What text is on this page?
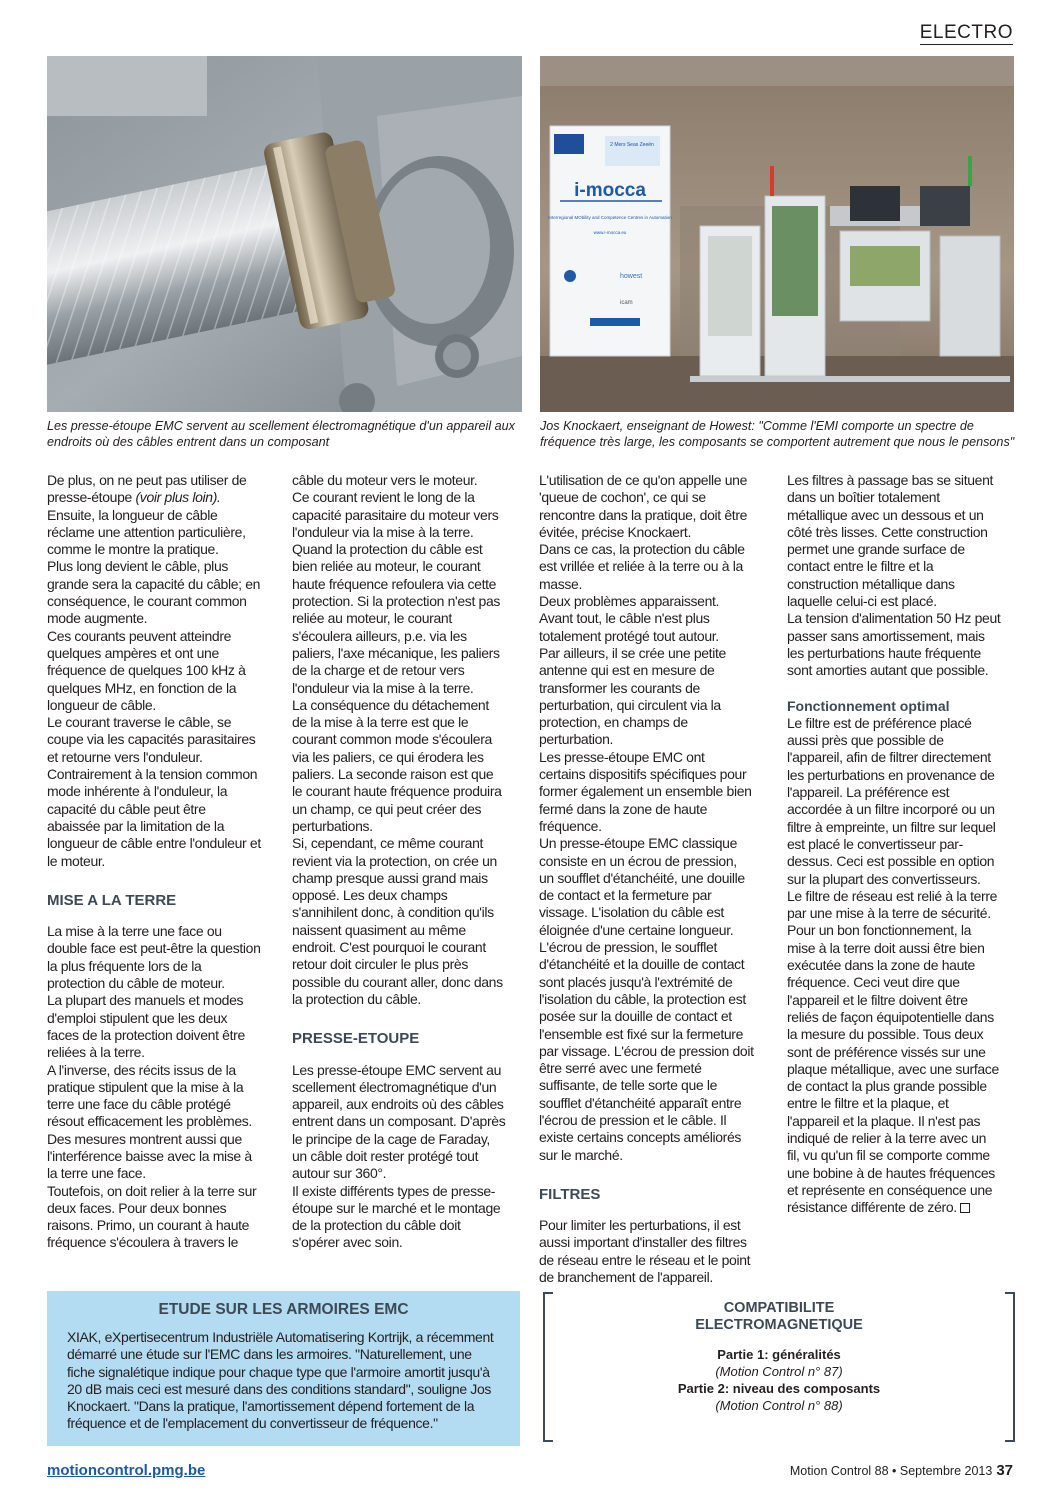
ELECTRO
2 Mers Seas Zeeën
i-mocca
Interregional MObility and Competence Centres in Automation
www.i-mocca.eu
howest
icam
Les presse-étoupe EMC servent au scellement électromagnétique d'un appareil aux endroits où des câbles entrent dans un composant
Jos Knockaert, enseignant de Howest: "Comme l'EMI comporte un spectre de fréquence très large, les composants se comportent autrement que nous le pensons"

De plus, on ne peut pas utiliser de presse-étoupe (voir plus loin).

Ensuite, la longueur de câble réclame une attention particulière, comme le montre la pratique.

Plus long devient le câble, plus grande sera la capacité du câble; en conséquence, le courant common mode augmente.

Ces courants peuvent atteindre quelques ampères et ont une fréquence de quelques 100 kHz à quelques MHz, en fonction de la longueur de câble.

Le courant traverse le câble, se coupe via les capacités parasitaires et retourne vers l'onduleur.

Contrairement à la tension common mode inhérente à l'onduleur, la capacité du câble peut être abaissée par la limitation de la longueur de câble entre l'onduleur et le moteur.

MISE A LA TERRE

La mise à la terre une face ou double face est peut-être la question la plus fréquente lors de la protection du câble de moteur.

La plupart des manuels et modes d'emploi stipulent que les deux faces de la protection doivent être reliées à la terre.

A l'inverse, des récits issus de la pratique stipulent que la mise à la terre une face du câble protégé résout efficacement les problèmes.

Des mesures montrent aussi que l'interférence baisse avec la mise à la terre une face.

Toutefois, on doit relier à la terre sur deux faces. Pour deux bonnes raisons. Primo, un courant à haute fréquence s'écoulera à travers le

câble du moteur vers le moteur.

Ce courant revient le long de la capacité parasitaire du moteur vers l'onduleur via la mise à la terre.

Quand la protection du câble est bien reliée au moteur, le courant haute fréquence refoulera via cette protection. Si la protection n'est pas reliée au moteur, le courant s'écoulera ailleurs, p.e. via les paliers, l'axe mécanique, les paliers de la charge et de retour vers l'onduleur via la mise à la terre.

La conséquence du détachement de la mise à la terre est que le courant common mode s'écoulera via les paliers, ce qui érodera les paliers. La seconde raison est que le courant haute fréquence produira un champ, ce qui peut créer des perturbations.

Si, cependant, ce même courant revient via la protection, on crée un champ presque aussi grand mais opposé. Les deux champs s'annihilent donc, à condition qu'ils naissent quasiment au même endroit. C'est pourquoi le courant retour doit circuler le plus près possible du courant aller, donc dans la protection du câble.

PRESSE-ETOUPE

Les presse-étoupe EMC servent au scellement électromagnétique d'un appareil, aux endroits où des câbles entrent dans un composant. D'après le principe de la cage de Faraday, un câble doit rester protégé tout autour sur 360°.

Il existe différents types de presse-étoupe sur le marché et le montage de la protection du câble doit s'opérer avec soin.

L'utilisation de ce qu'on appelle une 'queue de cochon', ce qui se rencontre dans la pratique, doit être évitée, précise Knockaert.

Dans ce cas, la protection du câble est vrillée et reliée à la terre ou à la masse.

Deux problèmes apparaissent. Avant tout, le câble n'est plus totalement protégé tout autour.

Par ailleurs, il se crée une petite antenne qui est en mesure de transformer les courants de perturbation, qui circulent via la protection, en champs de perturbation.

Les presse-étoupe EMC ont certains dispositifs spécifiques pour former également un ensemble bien fermé dans la zone de haute fréquence.

Un presse-étoupe EMC classique consiste en un écrou de pression, un soufflet d'étanchéité, une douille de contact et la fermeture par vissage. L'isolation du câble est éloignée d'une certaine longueur.

L'écrou de pression, le soufflet d'étanchéité et la douille de contact sont placés jusqu'à l'extrémité de l'isolation du câble, la protection est posée sur la douille de contact et l'ensemble est fixé sur la fermeture par vissage. L'écrou de pression doit être serré avec une fermeté suffisante, de telle sorte que le soufflet d'étanchéité apparaît entre l'écrou de pression et le câble. Il existe certains concepts améliorés sur le marché.

FILTRES

Pour limiter les perturbations, il est aussi important d'installer des filtres de réseau entre le réseau et le point de branchement de l'appareil.

Les filtres à passage bas se situent dans un boîtier totalement métallique avec un dessous et un côté très lisses. Cette construction permet une grande surface de contact entre le filtre et la construction métallique dans laquelle celui-ci est placé.

La tension d'alimentation 50 Hz peut passer sans amortissement, mais les perturbations haute fréquente sont amorties autant que possible.

Fonctionnement optimal

Le filtre est de préférence placé aussi près que possible de l'appareil, afin de filtrer directement les perturbations en provenance de l'appareil. La préférence est accordée à un filtre incorporé ou un filtre à empreinte, un filtre sur lequel est placé le convertisseur par-dessus. Ceci est possible en option sur la plupart des convertisseurs.

Le filtre de réseau est relié à la terre par une mise à la terre de sécurité.

Pour un bon fonctionnement, la mise à la terre doit aussi être bien exécutée dans la zone de haute fréquence. Ceci veut dire que l'appareil et le filtre doivent être reliés de façon équipotentielle dans la mesure du possible. Tous deux sont de préférence vissés sur une plaque métallique, avec une surface de contact la plus grande possible entre le filtre et la plaque, et l'appareil et la plaque. Il n'est pas indiqué de relier à la terre avec un fil, vu qu'un fil se comporte comme une bobine à de hautes fréquences et représente en conséquence une résistance différente de zéro.

ETUDE SUR LES ARMOIRES EMC

XIAK, eXpertisecentrum Industriële Automatisering Kortrijk, a récemment démarré une étude sur l'EMC dans les armoires. "Naturellement, une fiche signalétique indique pour chaque type que l'armoire amortit jusqu'à 20 dB mais ceci est mesuré dans des conditions standard", souligne Jos Knockaert. "Dans la pratique, l'amortissement dépend fortement de la fréquence et de l'emplacement du convertisseur de fréquence."

COMPATIBILITE
ELECTROMAGNETIQUE
Partie 1: généralités
(Motion Control n° 87)
Partie 2: niveau des composants
(Motion Control n° 88)
motioncontrol.pmg.be	Motion Control 88 • Septembre 2013 37
